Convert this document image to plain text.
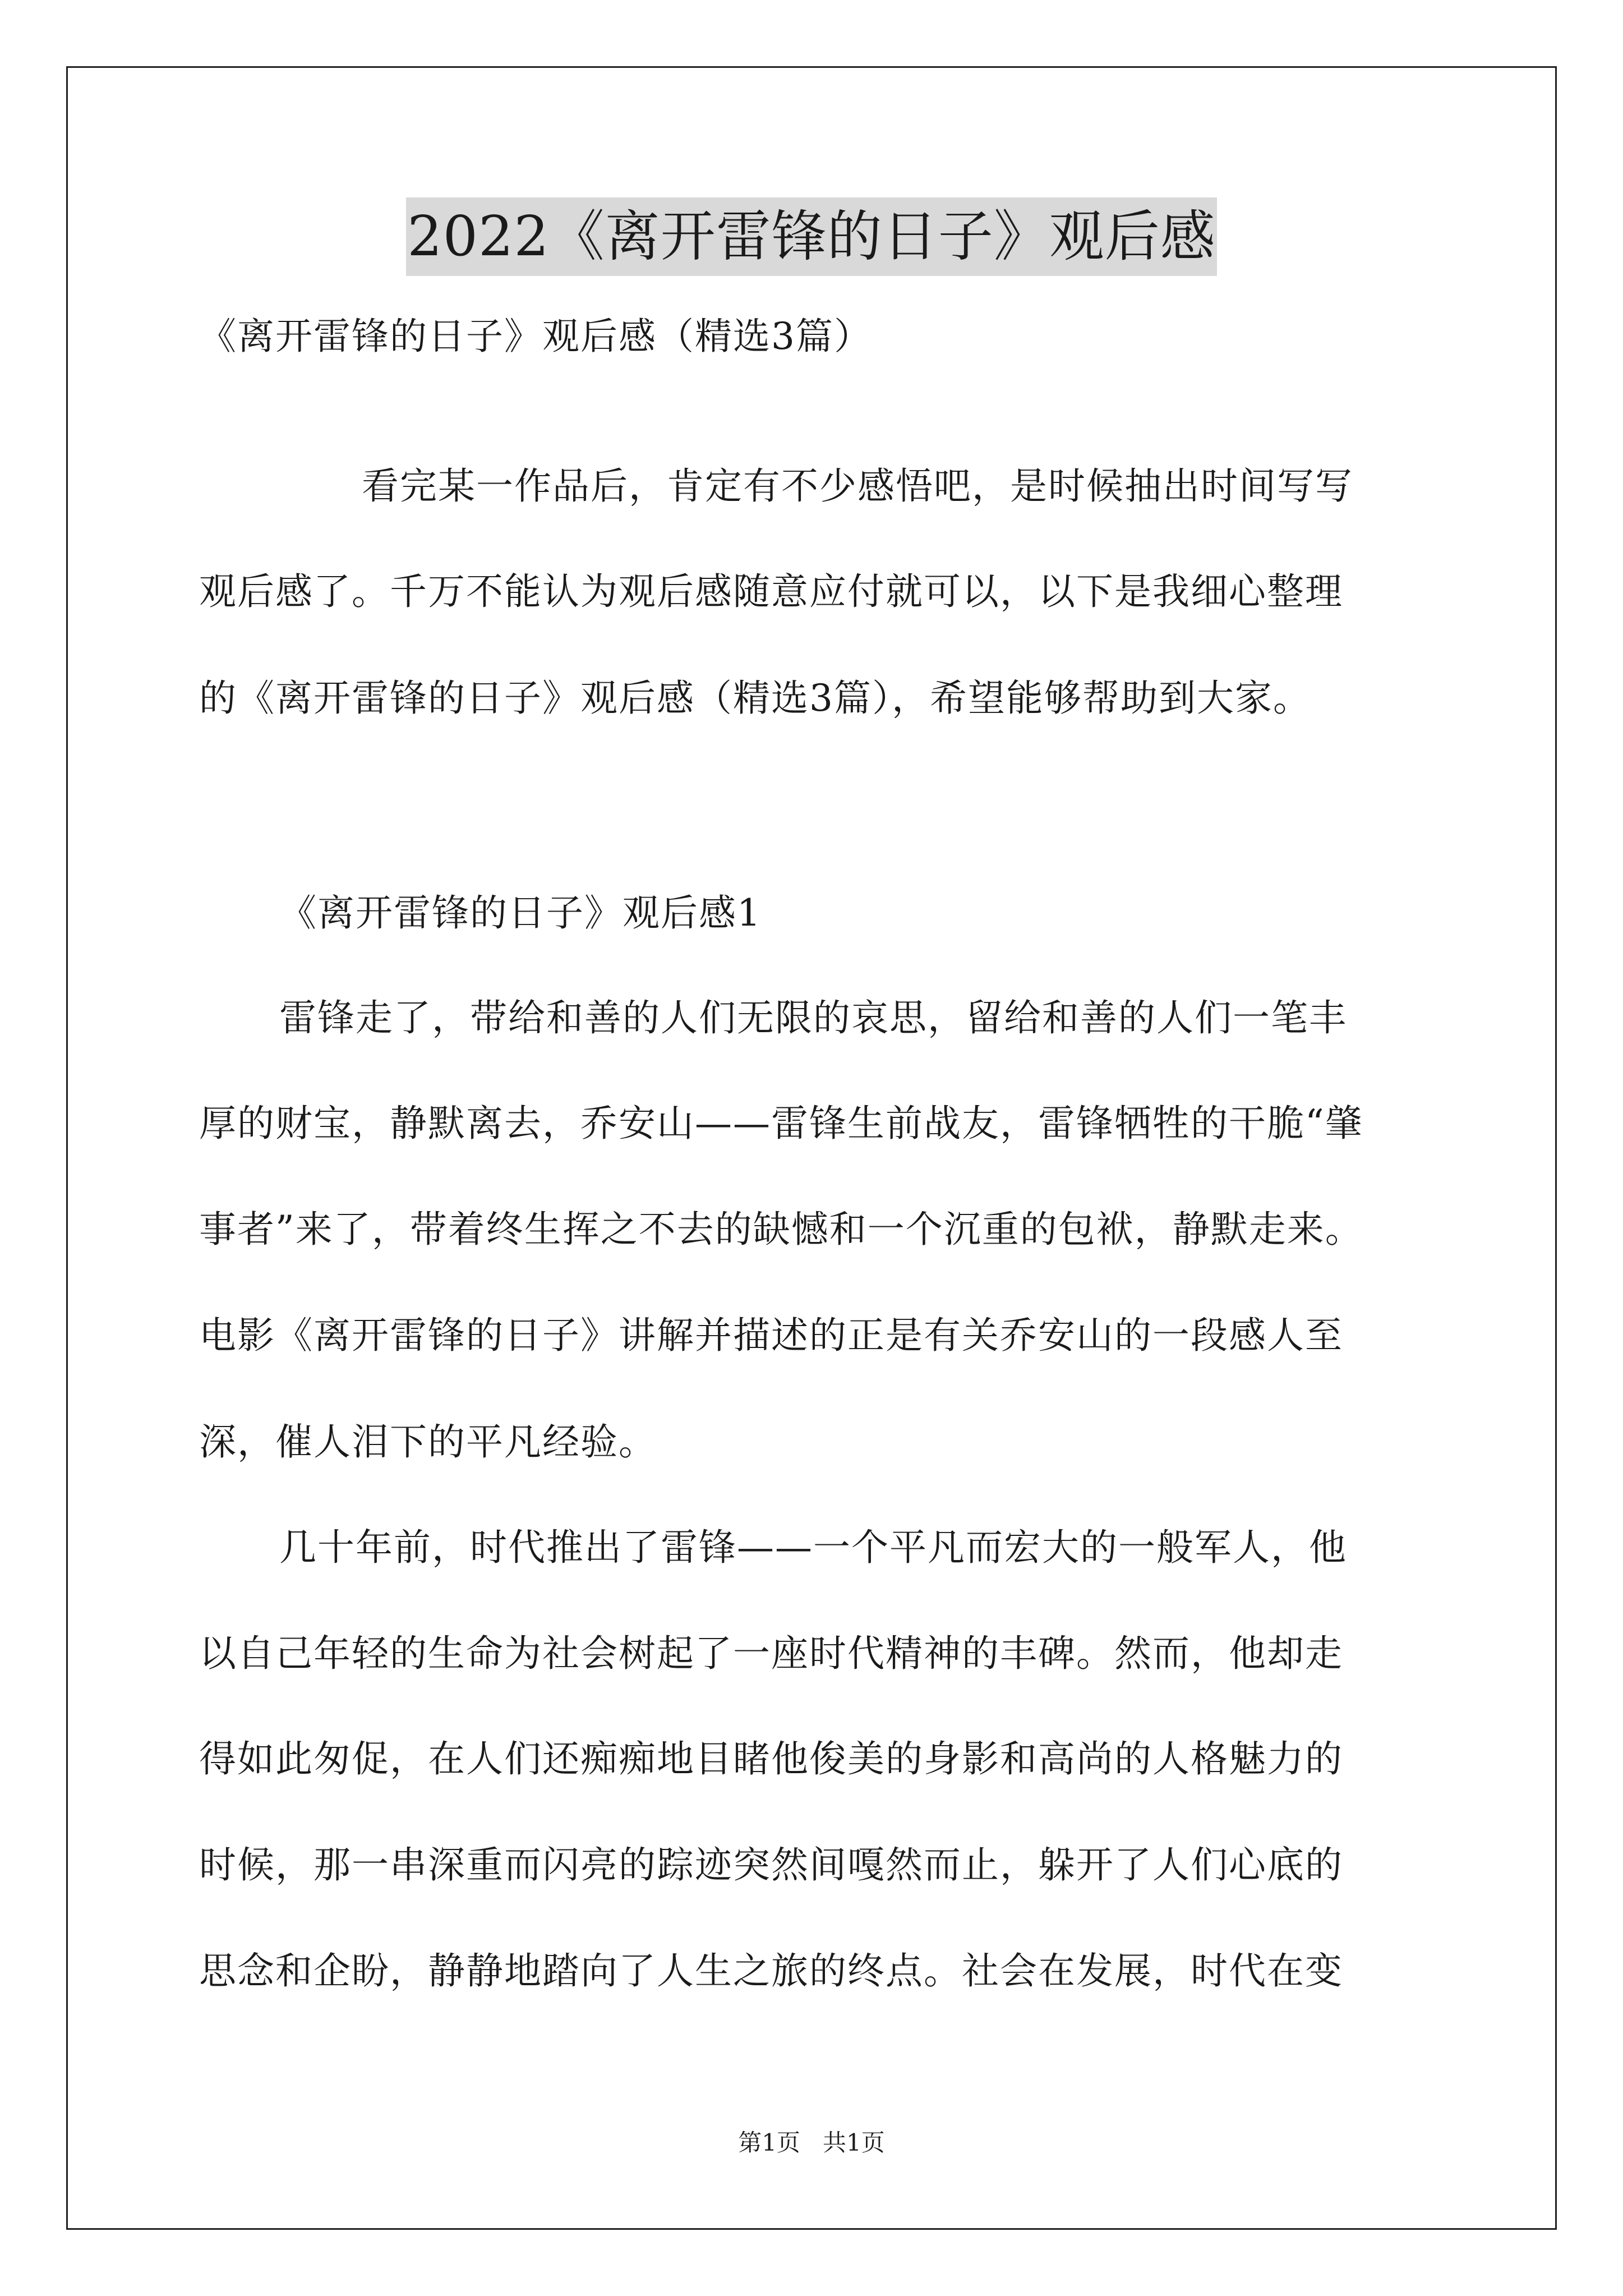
2022《离开雷锋的日子》观后感
《离开雷锋的日子》观后感（精选3篇）
看完某一作品后，肯定有不少感悟吧，是时候抽出时间写写
观后感了。千万不能认为观后感随意应付就可以，以下是我细心整理
的《离开雷锋的日子》观后感（精选3篇），希望能够帮助到大家。
《离开雷锋的日子》观后感1
雷锋走了，带给和善的人们无限的哀思，留给和善的人们一笔丰
厚的财宝，静默离去，乔安山——雷锋生前战友，雷锋牺牲的干脆“肇
事者”来了，带着终生挥之不去的缺憾和一个沉重的包袱，静默走来。
电影《离开雷锋的日子》讲解并描述的正是有关乔安山的一段感人至
深，催人泪下的平凡经验。
几十年前，时代推出了雷锋——一个平凡而宏大的一般军人，他
以自己年轻的生命为社会树起了一座时代精神的丰碑。然而，他却走
得如此匆促，在人们还痴痴地目睹他俊美的身影和高尚的人格魅力的
时候，那一串深重而闪亮的踪迹突然间嘎然而止，躲开了人们心底的
思念和企盼，静静地踏向了人生之旅的终点。社会在发展，时代在变
第1页   共1页
